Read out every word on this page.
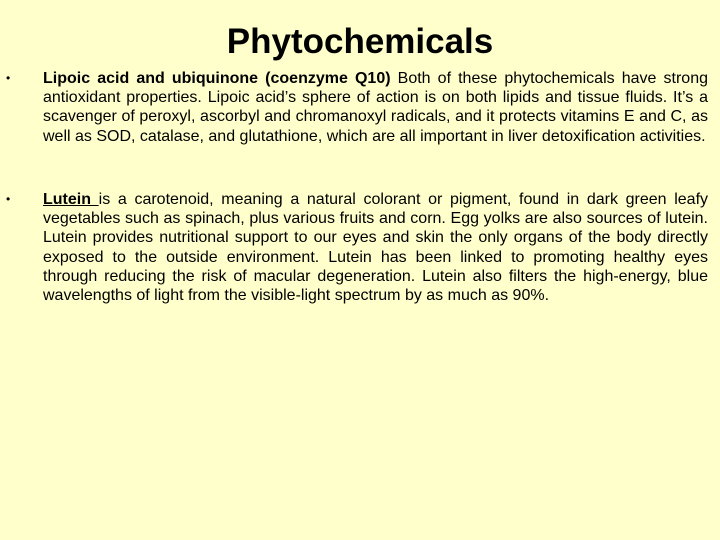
Phytochemicals
• Lipoic acid and ubiquinone (coenzyme Q10) Both of these phytochemicals have strong antioxidant properties. Lipoic acid’s sphere of action is on both lipids and tissue fluids. It’s a scavenger of peroxyl, ascorbyl and chromanoxyl radicals, and it protects vitamins E and C, as well as SOD, catalase, and glutathione, which are all important in liver detoxification activities.
• Lutein is a carotenoid, meaning a natural colorant or pigment, found in dark green leafy vegetables such as spinach, plus various fruits and corn. Egg yolks are also sources of lutein. Lutein provides nutritional support to our eyes and skin the only organs of the body directly exposed to the outside environment. Lutein has been linked to promoting healthy eyes through reducing the risk of macular degeneration. Lutein also filters the high-energy, blue wavelengths of light from the visible-light spectrum by as much as 90%.
